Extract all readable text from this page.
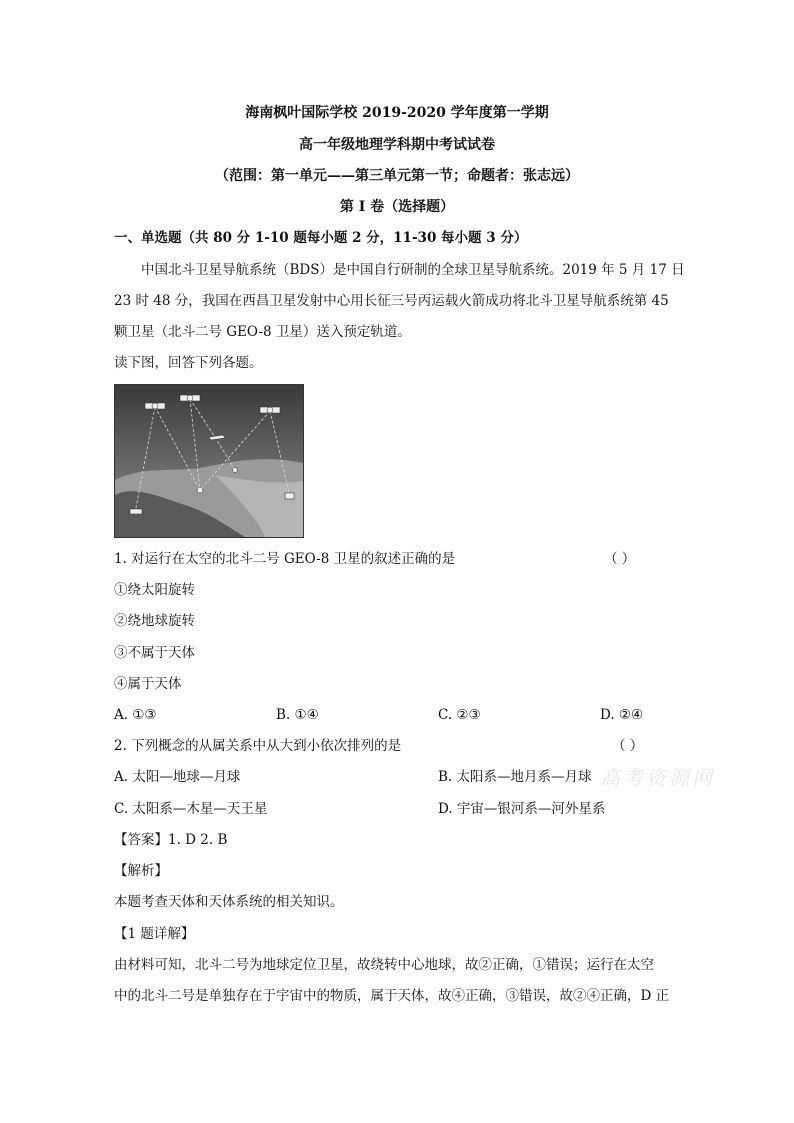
海南枫叶国际学校 2019-2020 学年度第一学期
高一年级地理学科期中考试试卷
（范围：第一单元——第三单元第一节；命题者：张志远）
第 I 卷（选择题）
一、单选题（共 80 分 1-10 题每小题 2 分，11-30 每小题 3 分）
中国北斗卫星导航系统（BDS）是中国自行研制的全球卫星导航系统。2019 年 5 月 17 日
23 时 48 分，我国在西昌卫星发射中心用长征三号丙运载火箭成功将北斗卫星导航系统第 45
颗卫星（北斗二号 GEO-8 卫星）送入预定轨道。
读下图，回答下列各题。
1. 对运行在太空的北斗二号 GEO-8 卫星的叙述正确的是	（ ）
①绕太阳旋转
②绕地球旋转
③不属于天体
④属于天体
A. ①③	B. ①④	C. ②③	D. ②④
2. 下列概念的从属关系中从大到小依次排列的是	（ ）
高考资源网
A. 太阳—地球—月球	B. 太阳系—地月系—月球
C. 太阳系—木星—天王星	D. 宇宙—银河系—河外星系
【答案】1. D 2. B
【解析】
本题考查天体和天体系统的相关知识。
【1 题详解】
由材料可知，北斗二号为地球定位卫星，故绕转中心地球，故②正确，①错误；运行在太空
中的北斗二号是单独存在于宇宙中的物质，属于天体，故④正确，③错误，故②④正确，D 正
